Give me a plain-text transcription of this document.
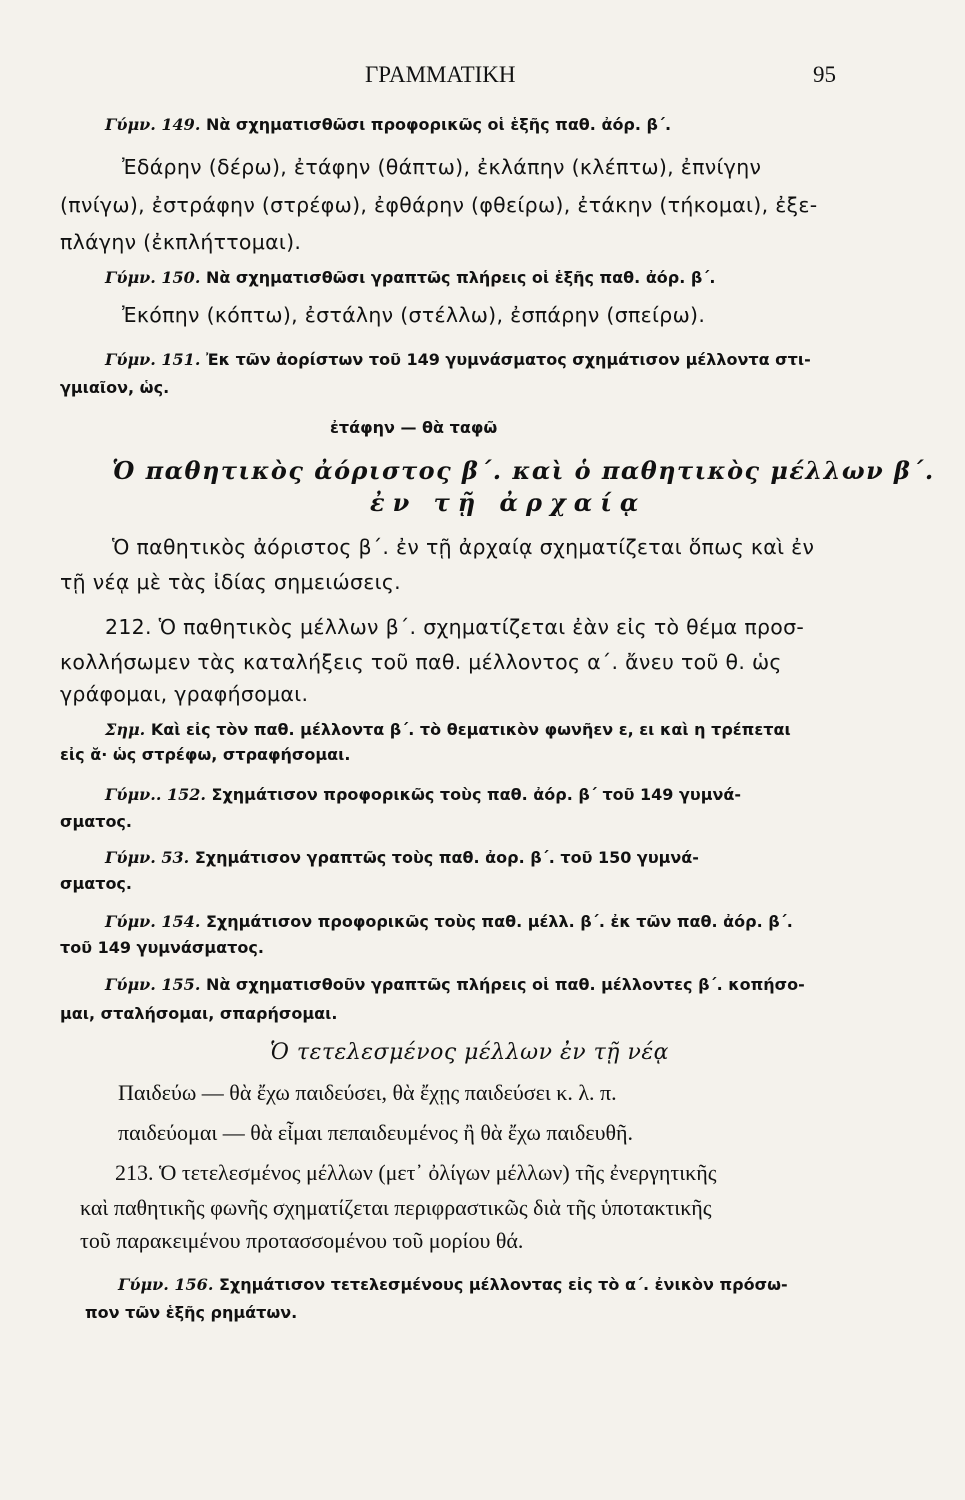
ΓΡΑΜΜΑΤΙΚΗ	95
Γύμν. 149. Νὰ σχηματισθῶσι προφορικῶς οἱ ἑξῆς παθ. ἀόρ. β΄.
Ἐδάρην (δέρω), ἐτάφην (θάπτω), ἐκλάπην (κλέπτω), ἐπνίγην
(πνίγω), ἐστράφην (στρέφω), ἐφθάρην (φθείρω), ἐτάκην (τήκομαι), ἐξε-
πλάγην (ἐκπλήττομαι).
Γύμν. 150. Νὰ σχηματισθῶσι γραπτῶς πλήρεις οἱ ἑξῆς παθ. ἀόρ. β΄.
Ἐκόπην (κόπτω), ἐστάλην (στέλλω), ἐσπάρην (σπείρω).
Γύμν. 151. Ἐκ τῶν ἀορίστων τοῦ 149 γυμνάσματος σχημάτισον μέλλοντα στι-
γμιαῖον, ὡς.
ἐτάφην — θὰ ταφῶ
Ὁ παθητικὸς ἀόριστος β΄. καὶ ὁ παθητικὸς μέλλων β΄.
ἐν τῇ ἀρχαίᾳ
Ὁ παθητικὸς ἀόριστος β΄. ἐν τῇ ἀρχαίᾳ σχηματίζεται ὅπως καὶ ἐν
τῇ νέᾳ μὲ τὰς ἰδίας σημειώσεις.
212. Ὁ παθητικὸς μέλλων β΄. σχηματίζεται ἐὰν εἰς τὸ θέμα προσ-
κολλήσωμεν τὰς καταλήξεις τοῦ παθ. μέλλοντος α΄. ἄνευ τοῦ θ. ὡς
γράφομαι, γραφήσομαι.
Σημ. Καὶ εἰς τὸν παθ. μέλλοντα β΄. τὸ θεματικὸν φωνῆεν ε, ει καὶ η τρέπεται
εἰς ᾰ· ὡς στρέφω, στραφήσομαι.
Γύμν.. 152. Σχημάτισον προφορικῶς τοὺς παθ. ἀόρ. β΄ τοῦ 149 γυμνά-
σματος.
Γύμν. 53. Σχημάτισον γραπτῶς τοὺς παθ. ἀορ. β΄. τοῦ 150 γυμνά-
σματος.
Γύμν. 154. Σχημάτισον προφορικῶς τοὺς παθ. μέλλ. β΄. ἐκ τῶν παθ. ἀόρ. β΄.
τοῦ 149 γυμνάσματος.
Γύμν. 155. Νὰ σχηματισθοῦν γραπτῶς πλήρεις οἱ παθ. μέλλοντες β΄. κοπήσο-
μαι, σταλήσομαι, σπαρήσομαι.
Ὁ τετελεσμένος μέλλων ἐν τῇ νέᾳ
Παιδεύω — θὰ ἔχω παιδεύσει, θὰ ἔχῃς παιδεύσει κ. λ. π.
παιδεύομαι — θὰ εἶμαι πεπαιδευμένος ἢ θὰ ἔχω παιδευθῆ.
213. Ὁ τετελεσμένος μέλλων (μετ᾽ ὀλίγων μέλλων) τῆς ἐνεργητικῆς
καὶ παθητικῆς φωνῆς σχηματίζεται περιφραστικῶς διὰ τῆς ὑποτακτικῆς
τοῦ παρακειμένου προτασσομένου τοῦ μορίου θά.
Γύμν. 156. Σχημάτισον τετελεσμένους μέλλοντας εἰς τὸ α΄. ἐνικὸν πρόσω-
πον τῶν ἑξῆς ρημάτων.
